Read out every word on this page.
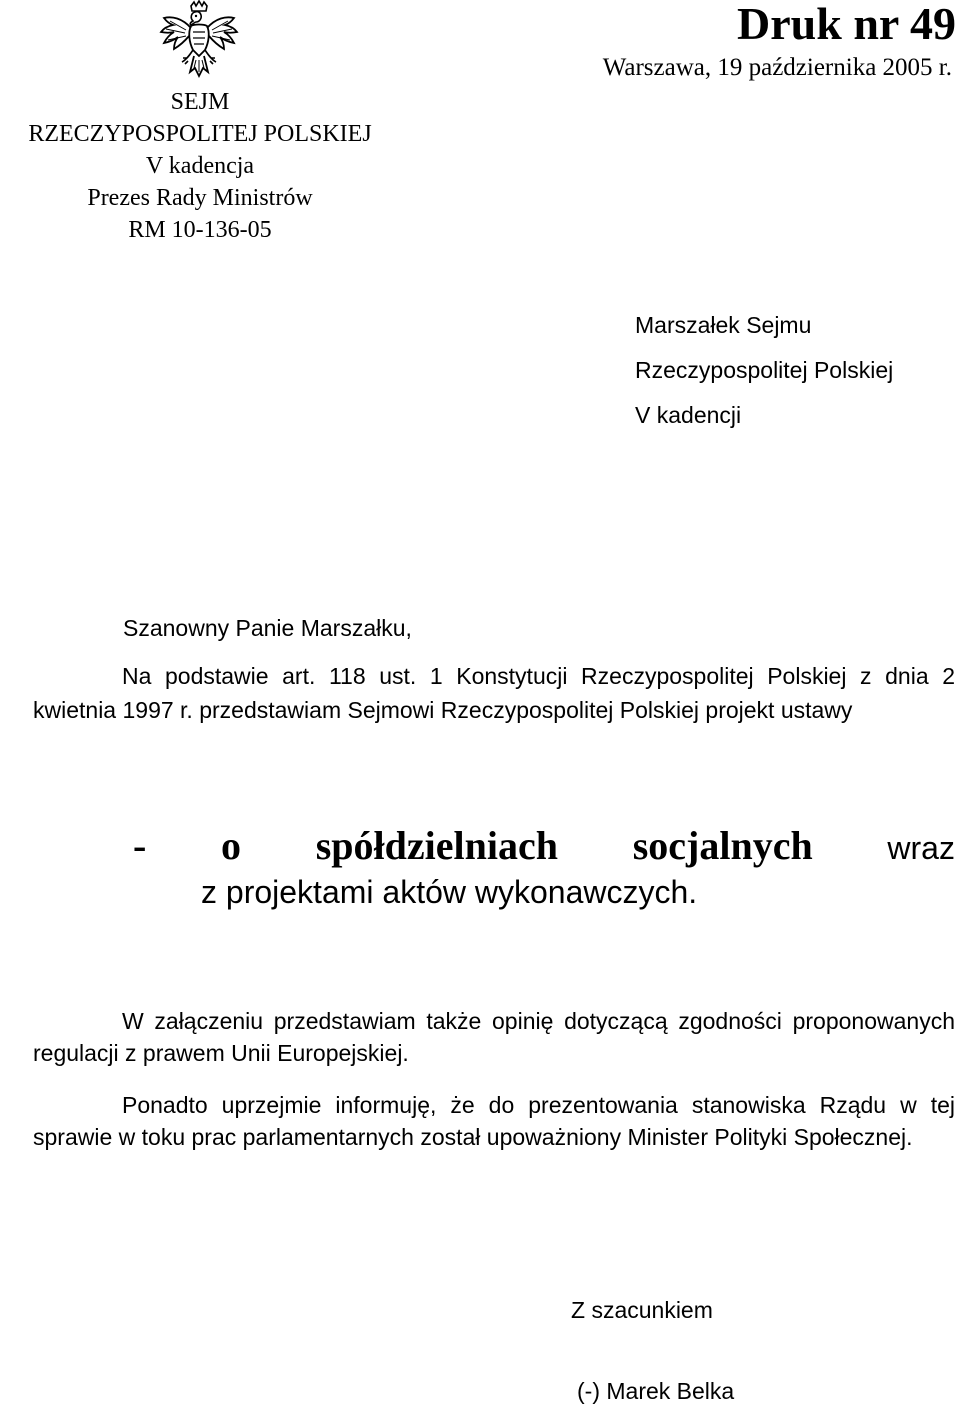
SEJM
RZECZYPOSPOLITEJ POLSKIEJ
V kadencja
Prezes Rady Ministrów
RM 10-136-05
Druk nr 49
Warszawa, 19 października 2005 r.
Marszałek Sejmu
Rzeczypospolitej Polskiej
V kadencji
Szanowny Panie Marszałku,
Na podstawie art. 118 ust. 1 Konstytucji Rzeczypospolitej Polskiej z dnia 2 kwietnia 1997 r. przedstawiam Sejmowi Rzeczypospolitej Polskiej projekt ustawy
- o spółdzielniach socjalnych wraz
z projektami aktów wykonawczych.
W załączeniu przedstawiam także opinię dotyczącą zgodności proponowanych regulacji z prawem Unii Europejskiej.
Ponadto uprzejmie informuję, że do prezentowania stanowiska Rządu w tej sprawie w toku prac parlamentarnych został upoważniony Minister Polityki Społecznej.
Z szacunkiem
(-) Marek Belka
